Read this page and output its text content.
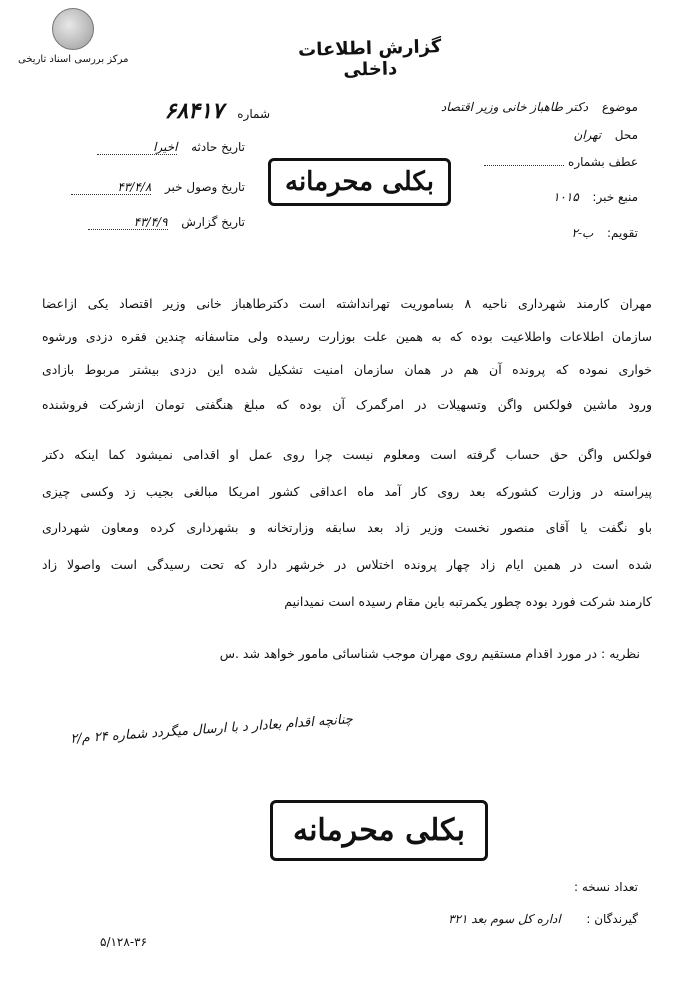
مرکز بررسی اسناد تاریخی	گزارش اطلاعات داخلی
موضوع  دکتر طاهباز خانی وزیر اقتصاد
محل  تهران
عطف بشماره
منبع خبر:  ۱۰۱۵
تقویم:  ب-۲
شماره  ۶۸۴۱۷
تاریخ حادثه  اخیرا
تاریخ وصول خبر  ۴۳/۴/۸
تاریخ گزارش  ۴۳/۴/۹
بکلی محرمانه
مهران کارمند شهرداری ناحیه ۸ بساموریت تهرانداشته است دکترطاهباز خانی وزیر اقتصاد یکی ازاعضا
سازمان اطلاعات واطلاعیت بوده که به همین علت بوزارت رسیده ولی متاسفانه چندین فقره دزدی ورشوه
خواری نموده که پرونده آن هم در همان سازمان امنیت تشکیل شده این دزدی بیشتر مربوط بازادی
ورود ماشین فولکس واگن وتسهیلات در امرگمرک آن بوده که مبلغ هنگفتی تومان ازشرکت فروشنده
فولکس واگن حق حساب گرفته است ومعلوم نیست چرا روی عمل او اقدامی نمیشود کما اینکه دکتر
پیراسته در وزارت کشورکه بعد روی کار آمد ماه اعداقی کشور امریکا مبالغی بجیب زد وکسی چیزی
باو نگفت یا آقای منصور نخست وزیر زاد بعد سابقه وزارتخانه و بشهرداری کرده ومعاون شهرداری
شده است در همین ایام زاد چهار پرونده اختلاس در خرشهر دارد که تحت رسیدگی است واصولا زاد
کارمند شرکت فورد بوده چطور یکمرتبه باین مقام رسیده است نمیدانیم
نظریه : در مورد اقدام مستقیم روی مهران موجب شناسائی مامور خواهد شد .س
چنانچه اقدام بعادار د با ارسال میگردد شماره ۲۴ م/۲
بکلی محرمانه
تعداد نسخه :
گیرندگان :  اداره کل سوم بعد ۳۲۱
۵/۱۲۸-۳۶
